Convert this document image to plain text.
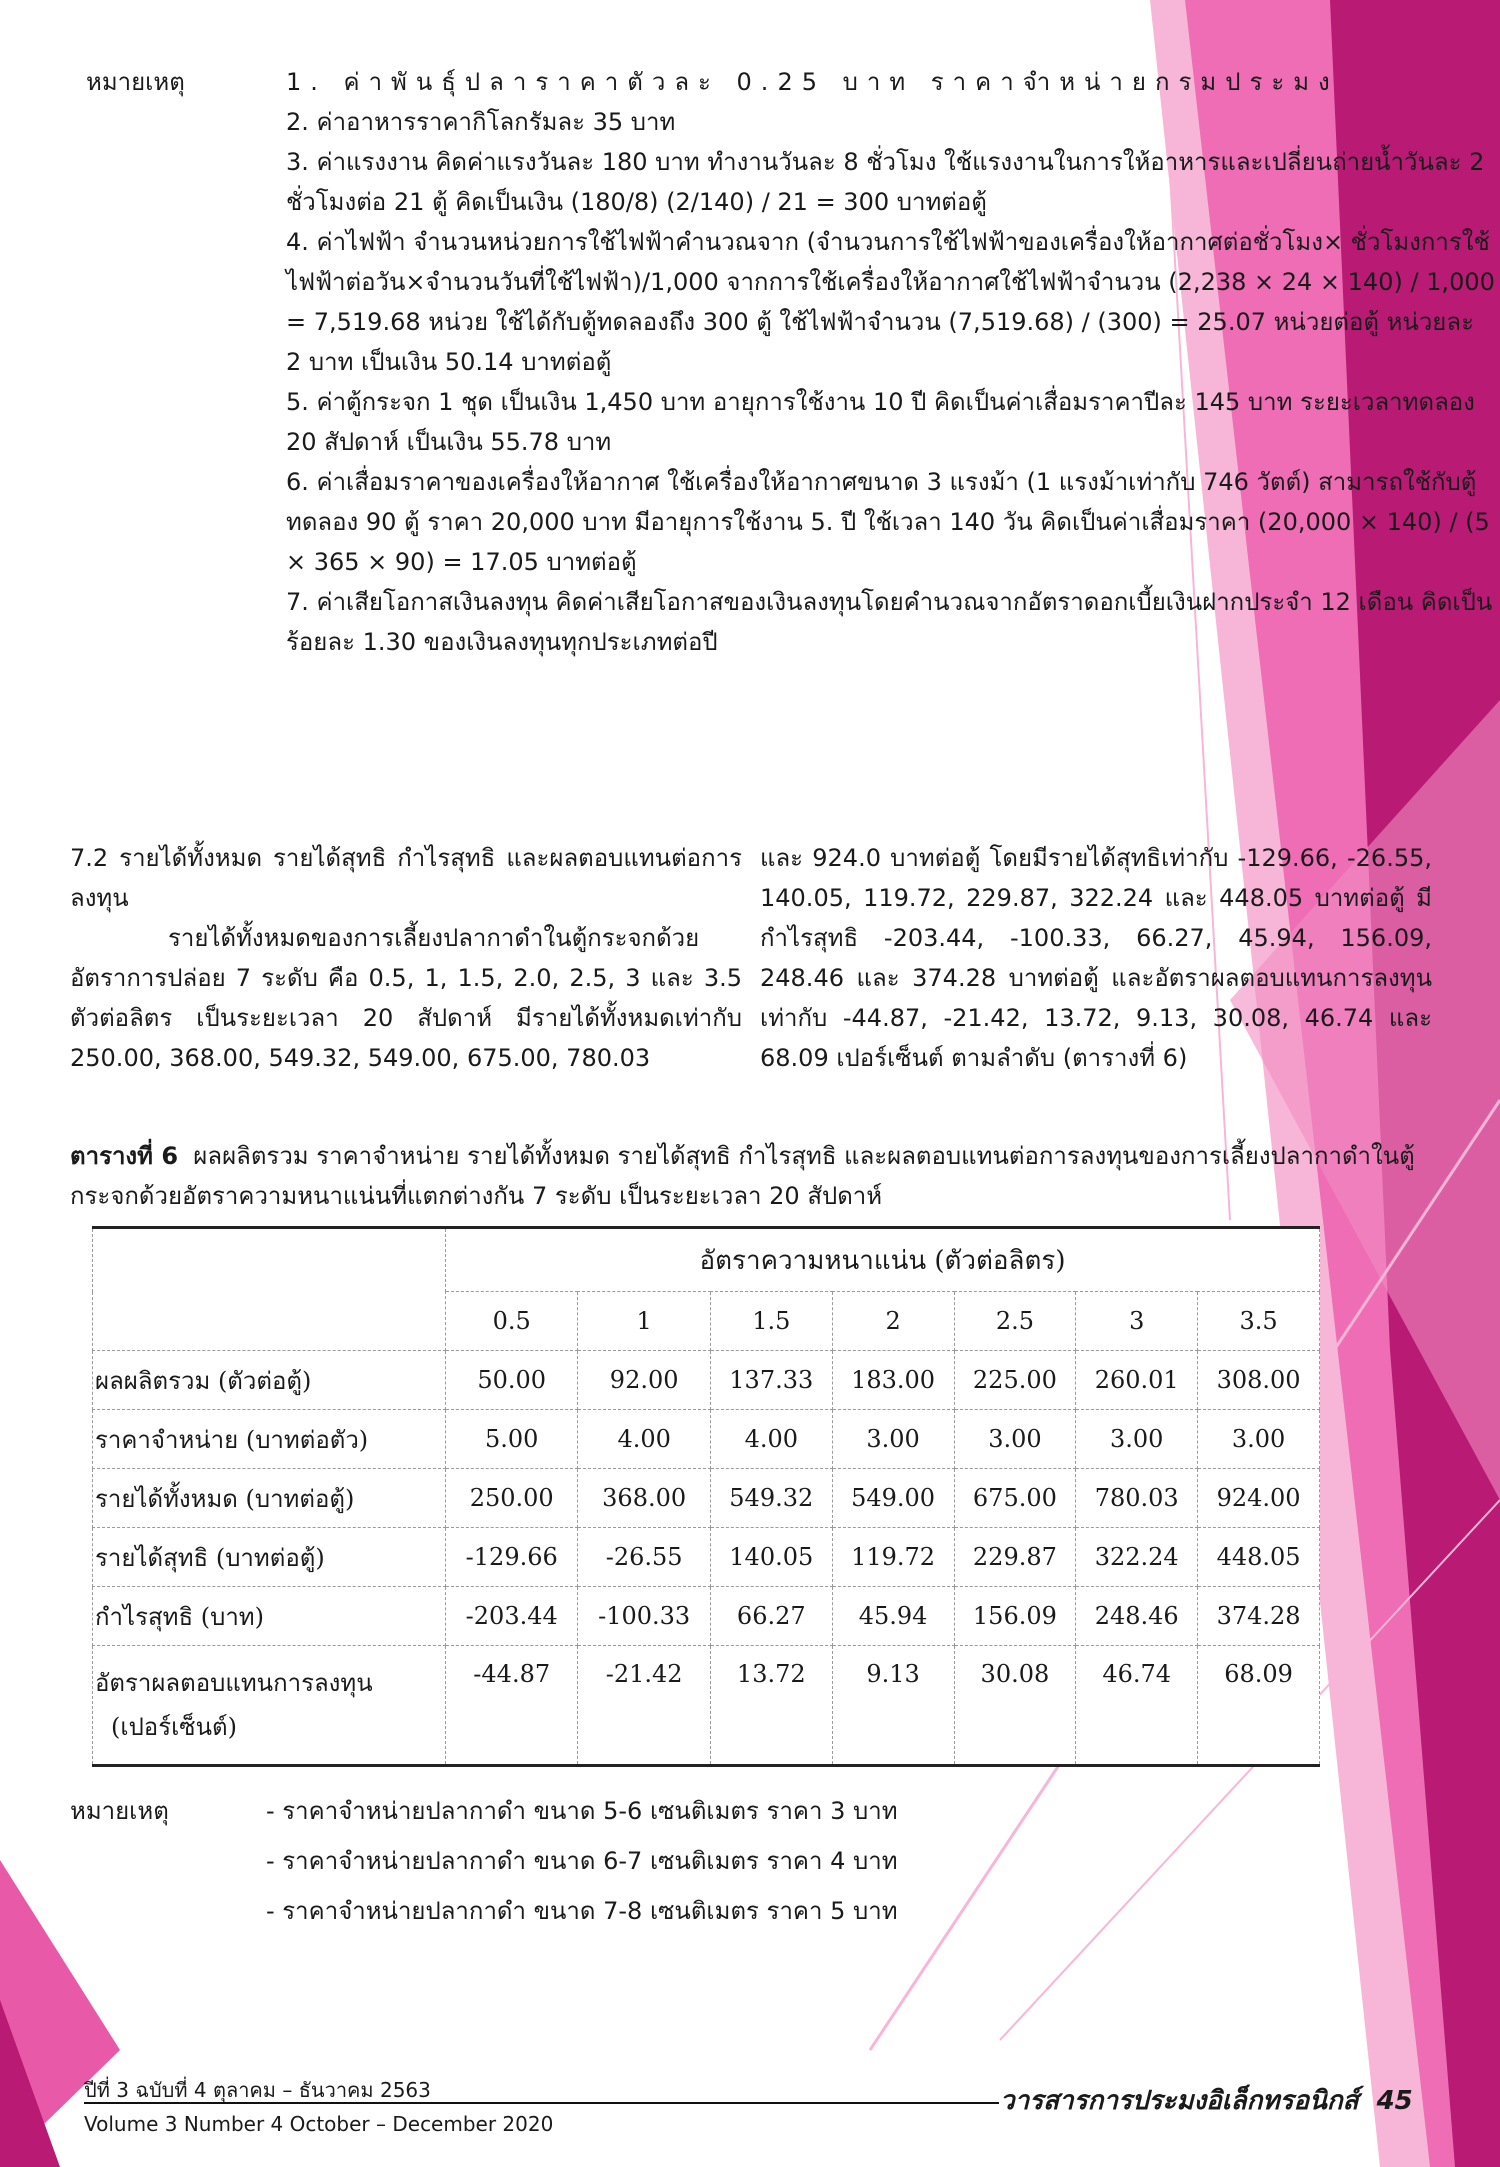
หมายเหตุ	1. ค่าพันธุ์ปลาราคาตัวละ 0.25 บาท ราคาจำหน่ายกรมประมง

2. ค่าอาหารราคากิโลกรัมละ 35 บาท

3. ค่าแรงงาน คิดค่าแรงวันละ 180 บาท ทำงานวันละ 8 ชั่วโมง ใช้แรงงานในการให้อาหารและเปลี่ยนถ่ายน้ำวันละ 2 ชั่วโมงต่อ 21 ตู้ คิดเป็นเงิน (180/8) (2/140) / 21 = 300 บาทต่อตู้

4. ค่าไฟฟ้า จำนวนหน่วยการใช้ไฟฟ้าคำนวณจาก (จำนวนการใช้ไฟฟ้าของเครื่องให้อากาศต่อชั่วโมง× ชั่วโมงการใช้ไฟฟ้าต่อวัน×จำนวนวันที่ใช้ไฟฟ้า)/1,000 จากการใช้เครื่องให้อากาศใช้ไฟฟ้าจำนวน (2,238 × 24 × 140) / 1,000 = 7,519.68 หน่วย ใช้ได้กับตู้ทดลองถึง 300 ตู้ ใช้ไฟฟ้าจำนวน (7,519.68) / (300) = 25.07 หน่วยต่อตู้ หน่วยละ 2 บาท เป็นเงิน 50.14 บาทต่อตู้

5. ค่าตู้กระจก 1 ชุด เป็นเงิน 1,450 บาท อายุการใช้งาน 10 ปี คิดเป็นค่าเสื่อมราคาปีละ 145 บาท ระยะเวลาทดลอง 20 สัปดาห์ เป็นเงิน 55.78 บาท

6. ค่าเสื่อมราคาของเครื่องให้อากาศ ใช้เครื่องให้อากาศขนาด 3 แรงม้า (1 แรงม้าเท่ากับ 746 วัตต์) สามารถใช้กับตู้ทดลอง 90 ตู้ ราคา 20,000 บาท มีอายุการใช้งาน 5. ปี ใช้เวลา 140 วัน คิดเป็นค่าเสื่อมราคา (20,000 × 140) / (5 × 365 × 90) = 17.05 บาทต่อตู้

7. ค่าเสียโอกาสเงินลงทุน คิดค่าเสียโอกาสของเงินลงทุนโดยคำนวณจากอัตราดอกเบี้ยเงินฝากประจำ 12 เดือน คิดเป็นร้อยละ 1.30 ของเงินลงทุนทุกประเภทต่อปี

7.2 รายได้ทั้งหมด รายได้สุทธิ กำไรสุทธิ และผลตอบแทนต่อการลงทุน

รายได้ทั้งหมดของการเลี้ยงปลากาดำในตู้กระจกด้วยอัตราการปล่อย 7 ระดับ คือ 0.5, 1, 1.5, 2.0, 2.5, 3 และ 3.5 ตัวต่อลิตร เป็นระยะเวลา 20 สัปดาห์ มีรายได้ทั้งหมดเท่ากับ 250.00, 368.00, 549.32, 549.00, 675.00, 780.03

และ 924.0 บาทต่อตู้ โดยมีรายได้สุทธิเท่ากับ -129.66, -26.55, 140.05, 119.72, 229.87, 322.24 และ 448.05 บาทต่อตู้ มีกำไรสุทธิ -203.44, -100.33, 66.27, 45.94, 156.09, 248.46 และ 374.28 บาทต่อตู้ และอัตราผลตอบแทนการลงทุนเท่ากับ -44.87, -21.42, 13.72, 9.13, 30.08, 46.74 และ 68.09 เปอร์เซ็นต์ ตามลำดับ (ตารางที่ 6)

ตารางที่ 6 ผลผลิตรวม ราคาจำหน่าย รายได้ทั้งหมด รายได้สุทธิ กำไรสุทธิ และผลตอบแทนต่อการลงทุนของการเลี้ยงปลากาดำในตู้กระจกด้วยอัตราความหนาแน่นที่แตกต่างกัน 7 ระดับ เป็นระยะเวลา 20 สัปดาห์
	อัตราความหนาแน่น (ตัวต่อลิตร)						
	0.5	1	1.5	2	2.5	3	3.5
ผลผลิตรวม (ตัวต่อตู้)	50.00	92.00	137.33	183.00	225.00	260.01	308.00
ราคาจำหน่าย (บาทต่อตัว)	5.00	4.00	4.00	3.00	3.00	3.00	3.00
รายได้ทั้งหมด (บาทต่อตู้)	250.00	368.00	549.32	549.00	675.00	780.03	924.00
รายได้สุทธิ (บาทต่อตู้)	-129.66	-26.55	140.05	119.72	229.87	322.24	448.05
กำไรสุทธิ (บาท)	-203.44	-100.33	66.27	45.94	156.09	248.46	374.28
อัตราผลตอบแทนการลงทุน
(เปอร์เซ็นต์)	-44.87	-21.42	13.72	9.13	30.08	46.74	68.09
หมายเหตุ	- ราคาจำหน่ายปลากาดำ ขนาด 5-6 เซนติเมตร ราคา 3 บาท

- ราคาจำหน่ายปลากาดำ ขนาด 6-7 เซนติเมตร ราคา 4 บาท

- ราคาจำหน่ายปลากาดำ ขนาด 7-8 เซนติเมตร ราคา 5 บาท

ปีที่ 3 ฉบับที่ 4 ตุลาคม – ธันวาคม 2563
Volume 3 Number 4 October – December 2020
วารสารการประมงอิเล็กทรอนิกส์ 45
